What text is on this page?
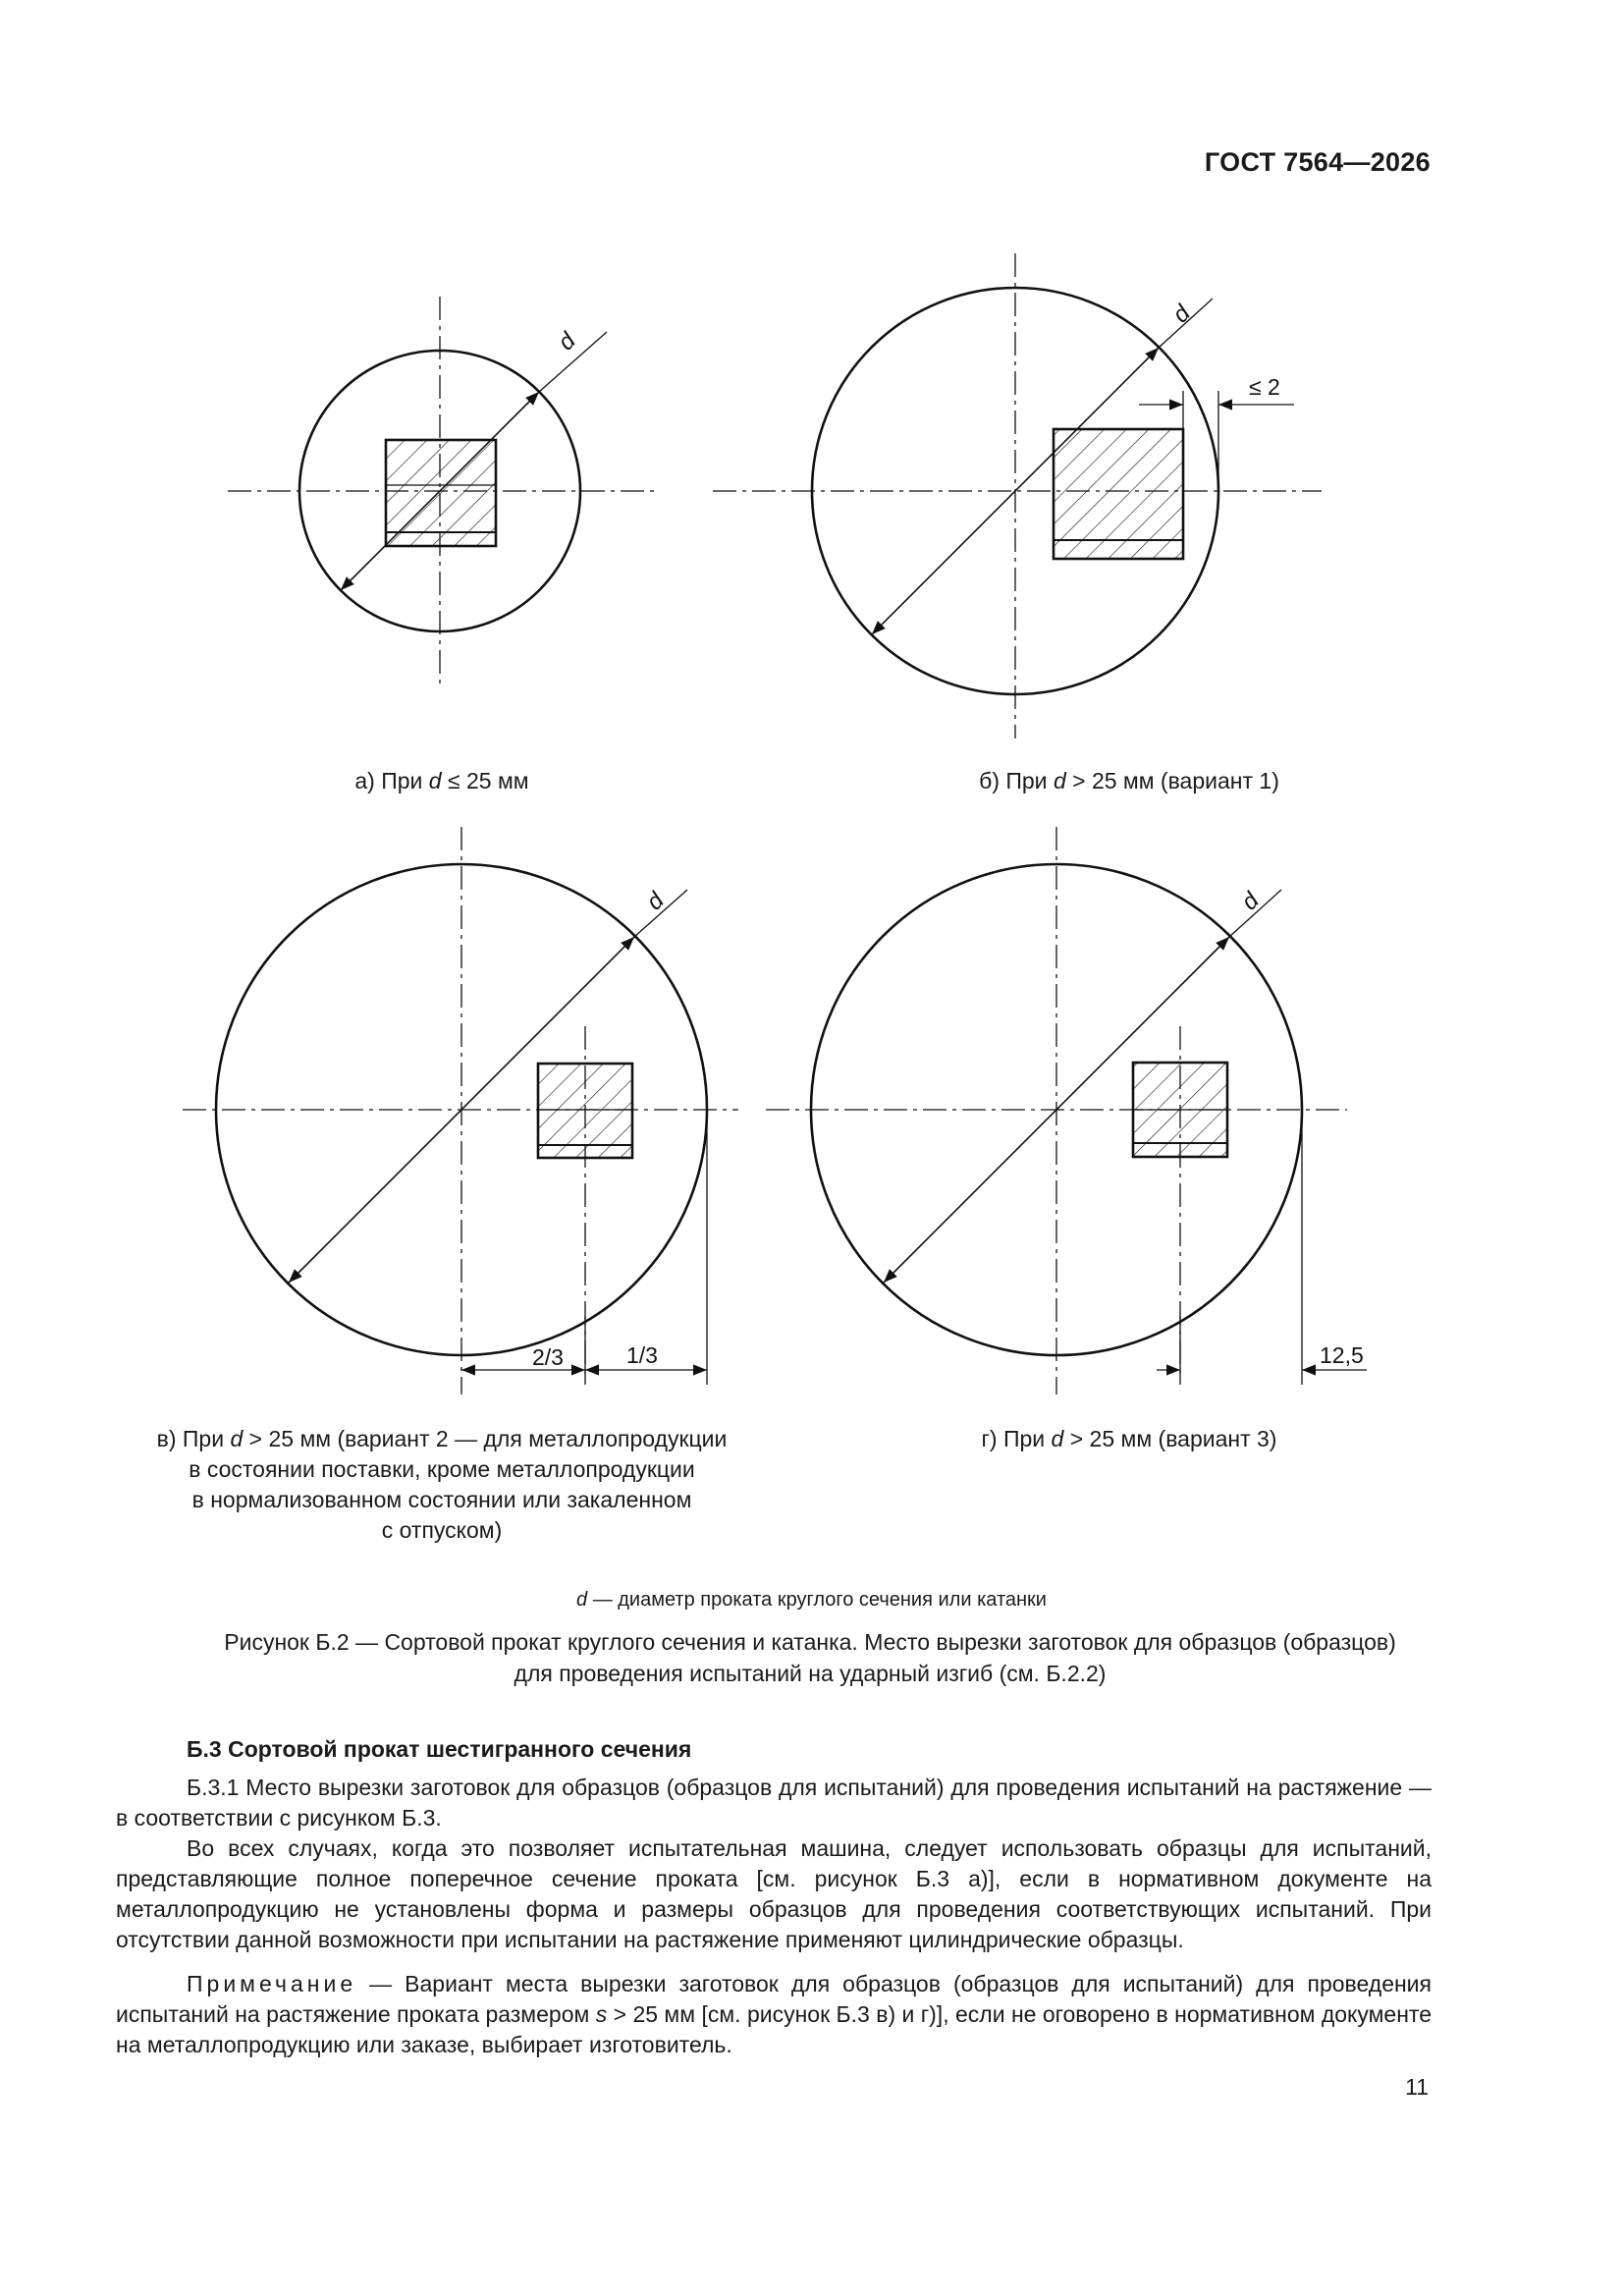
ГОСТ 7564—2026
d
d
d	d
≤ 2
2/3	1/3	12,5
а) При d ≤ 25 мм	б) При d > 25 мм (вариант 1)
в) При d > 25 мм (вариант 2 — для металлопродукции
в состоянии поставки, кроме металлопродукции
в нормализованном состоянии или закаленном
с отпуском)
г) При d > 25 мм (вариант 3)
d — диаметр проката круглого сечения или катанки
Рисунок Б.2 — Сортовой прокат круглого сечения и катанка. Место вырезки заготовок для образцов (образцов)
для проведения испытаний на ударный изгиб (см. Б.2.2)

Б.3 Сортовой прокат шестигранного сечения

Б.3.1 Место вырезки заготовок для образцов (образцов для испытаний) для проведения испытаний на растяжение — в соответствии с рисунком Б.3.

Во всех случаях, когда это позволяет испытательная машина, следует использовать образцы для испытаний, представляющие полное поперечное сечение проката [см. рисунок Б.3 а)], если в нормативном документе на металлопродукцию не установлены форма и размеры образцов для проведения соответствующих испытаний. При отсутствии данной возможности при испытании на растяжение применяют цилиндрические образцы.

Примечание — Вариант места вырезки заготовок для образцов (образцов для испытаний) для проведения испытаний на растяжение проката размером s > 25 мм [см. рисунок Б.3 в) и г)], если не оговорено в нормативном документе на металлопродукцию или заказе, выбирает изготовитель.

11
